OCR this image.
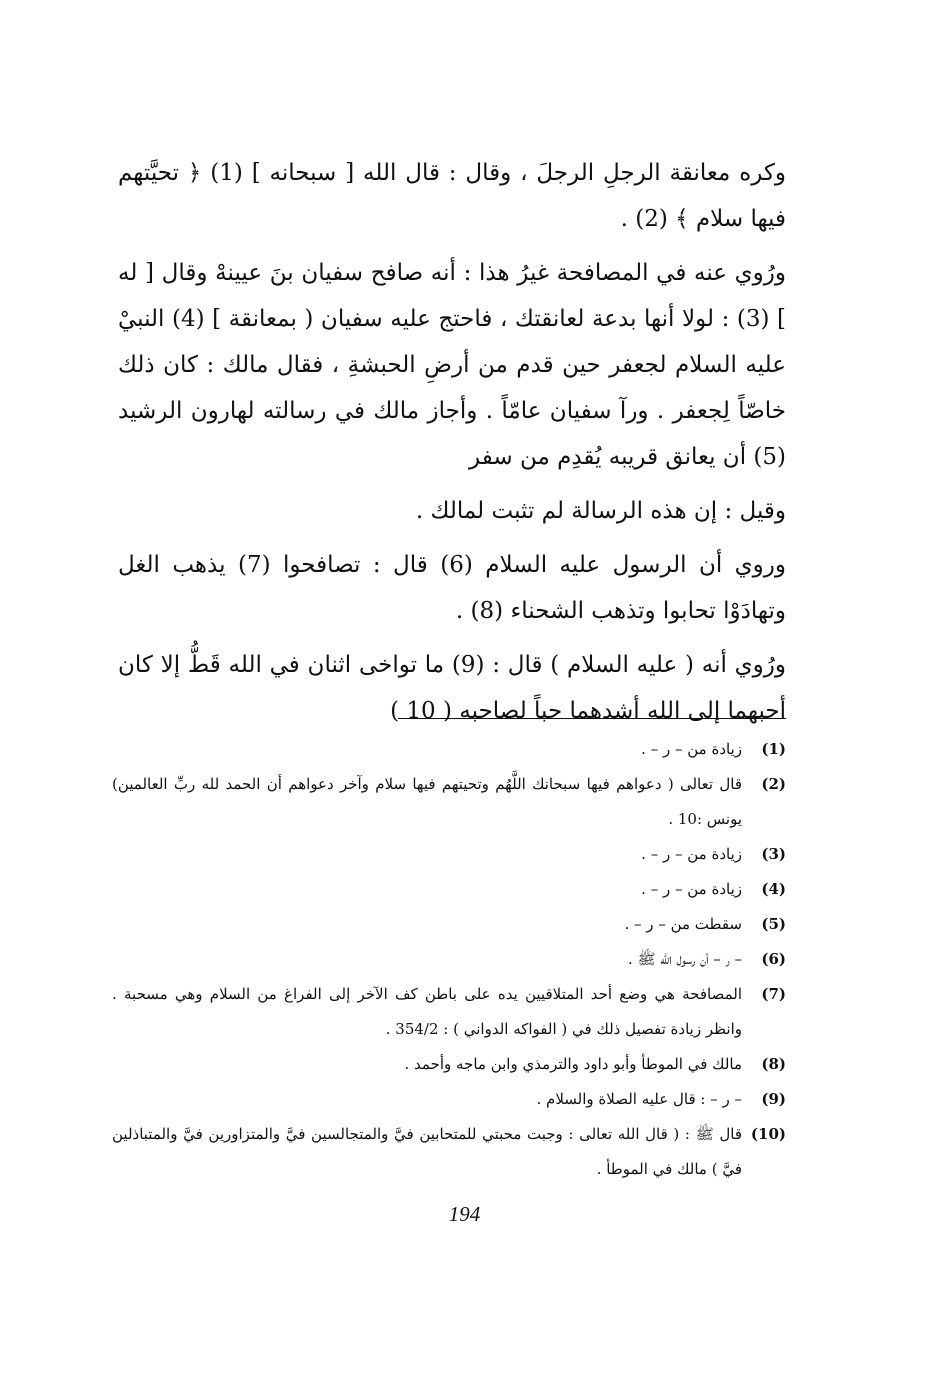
وكره معانقة الرجلِ الرجلَ ، وقال : قال الله [ سبحانه ] (1) ﴿ تحيَّتهم فيها سلام ﴾ (2) .

ورُوي عنه في المصافحة غيرُ هذا : أنه صافح سفيان بنَ عيينهْ وقال [ له ] (3) : لولا أنها بدعة لعانقتك ، فاحتج عليه سفيان ( بمعانقة ] (4) النبيْ عليه السلام لجعفر حين قدم من أرضِ الحبشةِ ، فقال مالك : كان ذلك خاصّاً لِجعفر . ورآ سفيان عامّاً . وأجاز مالك في رسالته لهارون الرشيد (5) أن يعانق قريبه يُقدِم من سفر

وقيل : إن هذه الرسالة لم تثبت لمالك .

وروي أن الرسول عليه السلام (6) قال : تصافحوا (7) يذهب الغل وتهادَوْا تحابوا وتذهب الشحناء (8) .

ورُوي أنه ( عليه السلام ) قال : (9) ما تواخى اثنان في الله قَطُّ إلا كان أحبهما إلى الله أشدهما حباً لصاحبه ( 10 )

(1)
زيادة من – ر – .
(2)
قال تعالى ( دعواهم فيها سبحانك اللَّهُم وتحيتهم فيها سلام وآخر دعواهم أن الحمد لله ربِّ العالمين) يونس :10 .
(3)
زيادة من – ر – .
(4)
زيادة من – ر – .
(5)
سقطت من – ر – .
(6)
– ر – أن رسول الله ﷺ .
(7)
المصافحة هي وضع أحد المتلاقيين يده على باطن كف الآخر إلى الفراغ من السلام وهي مسحبة . وانظر زيادة تفصيل ذلك في ( الفواكه الدواني ) : 354/2 .
(8)
مالك في الموطأ وأبو داود والترمذي وابن ماجه وأحمد .
(9)
– ر – : قال عليه الصلاة والسلام .
(10)
قال ﷺ : ( قال الله تعالى : وجبت محبتي للمتحابين فيَّ والمتجالسين فيَّ والمتزاورين فيَّ والمتباذلين فيَّ ) مالك في الموطأ .
194
